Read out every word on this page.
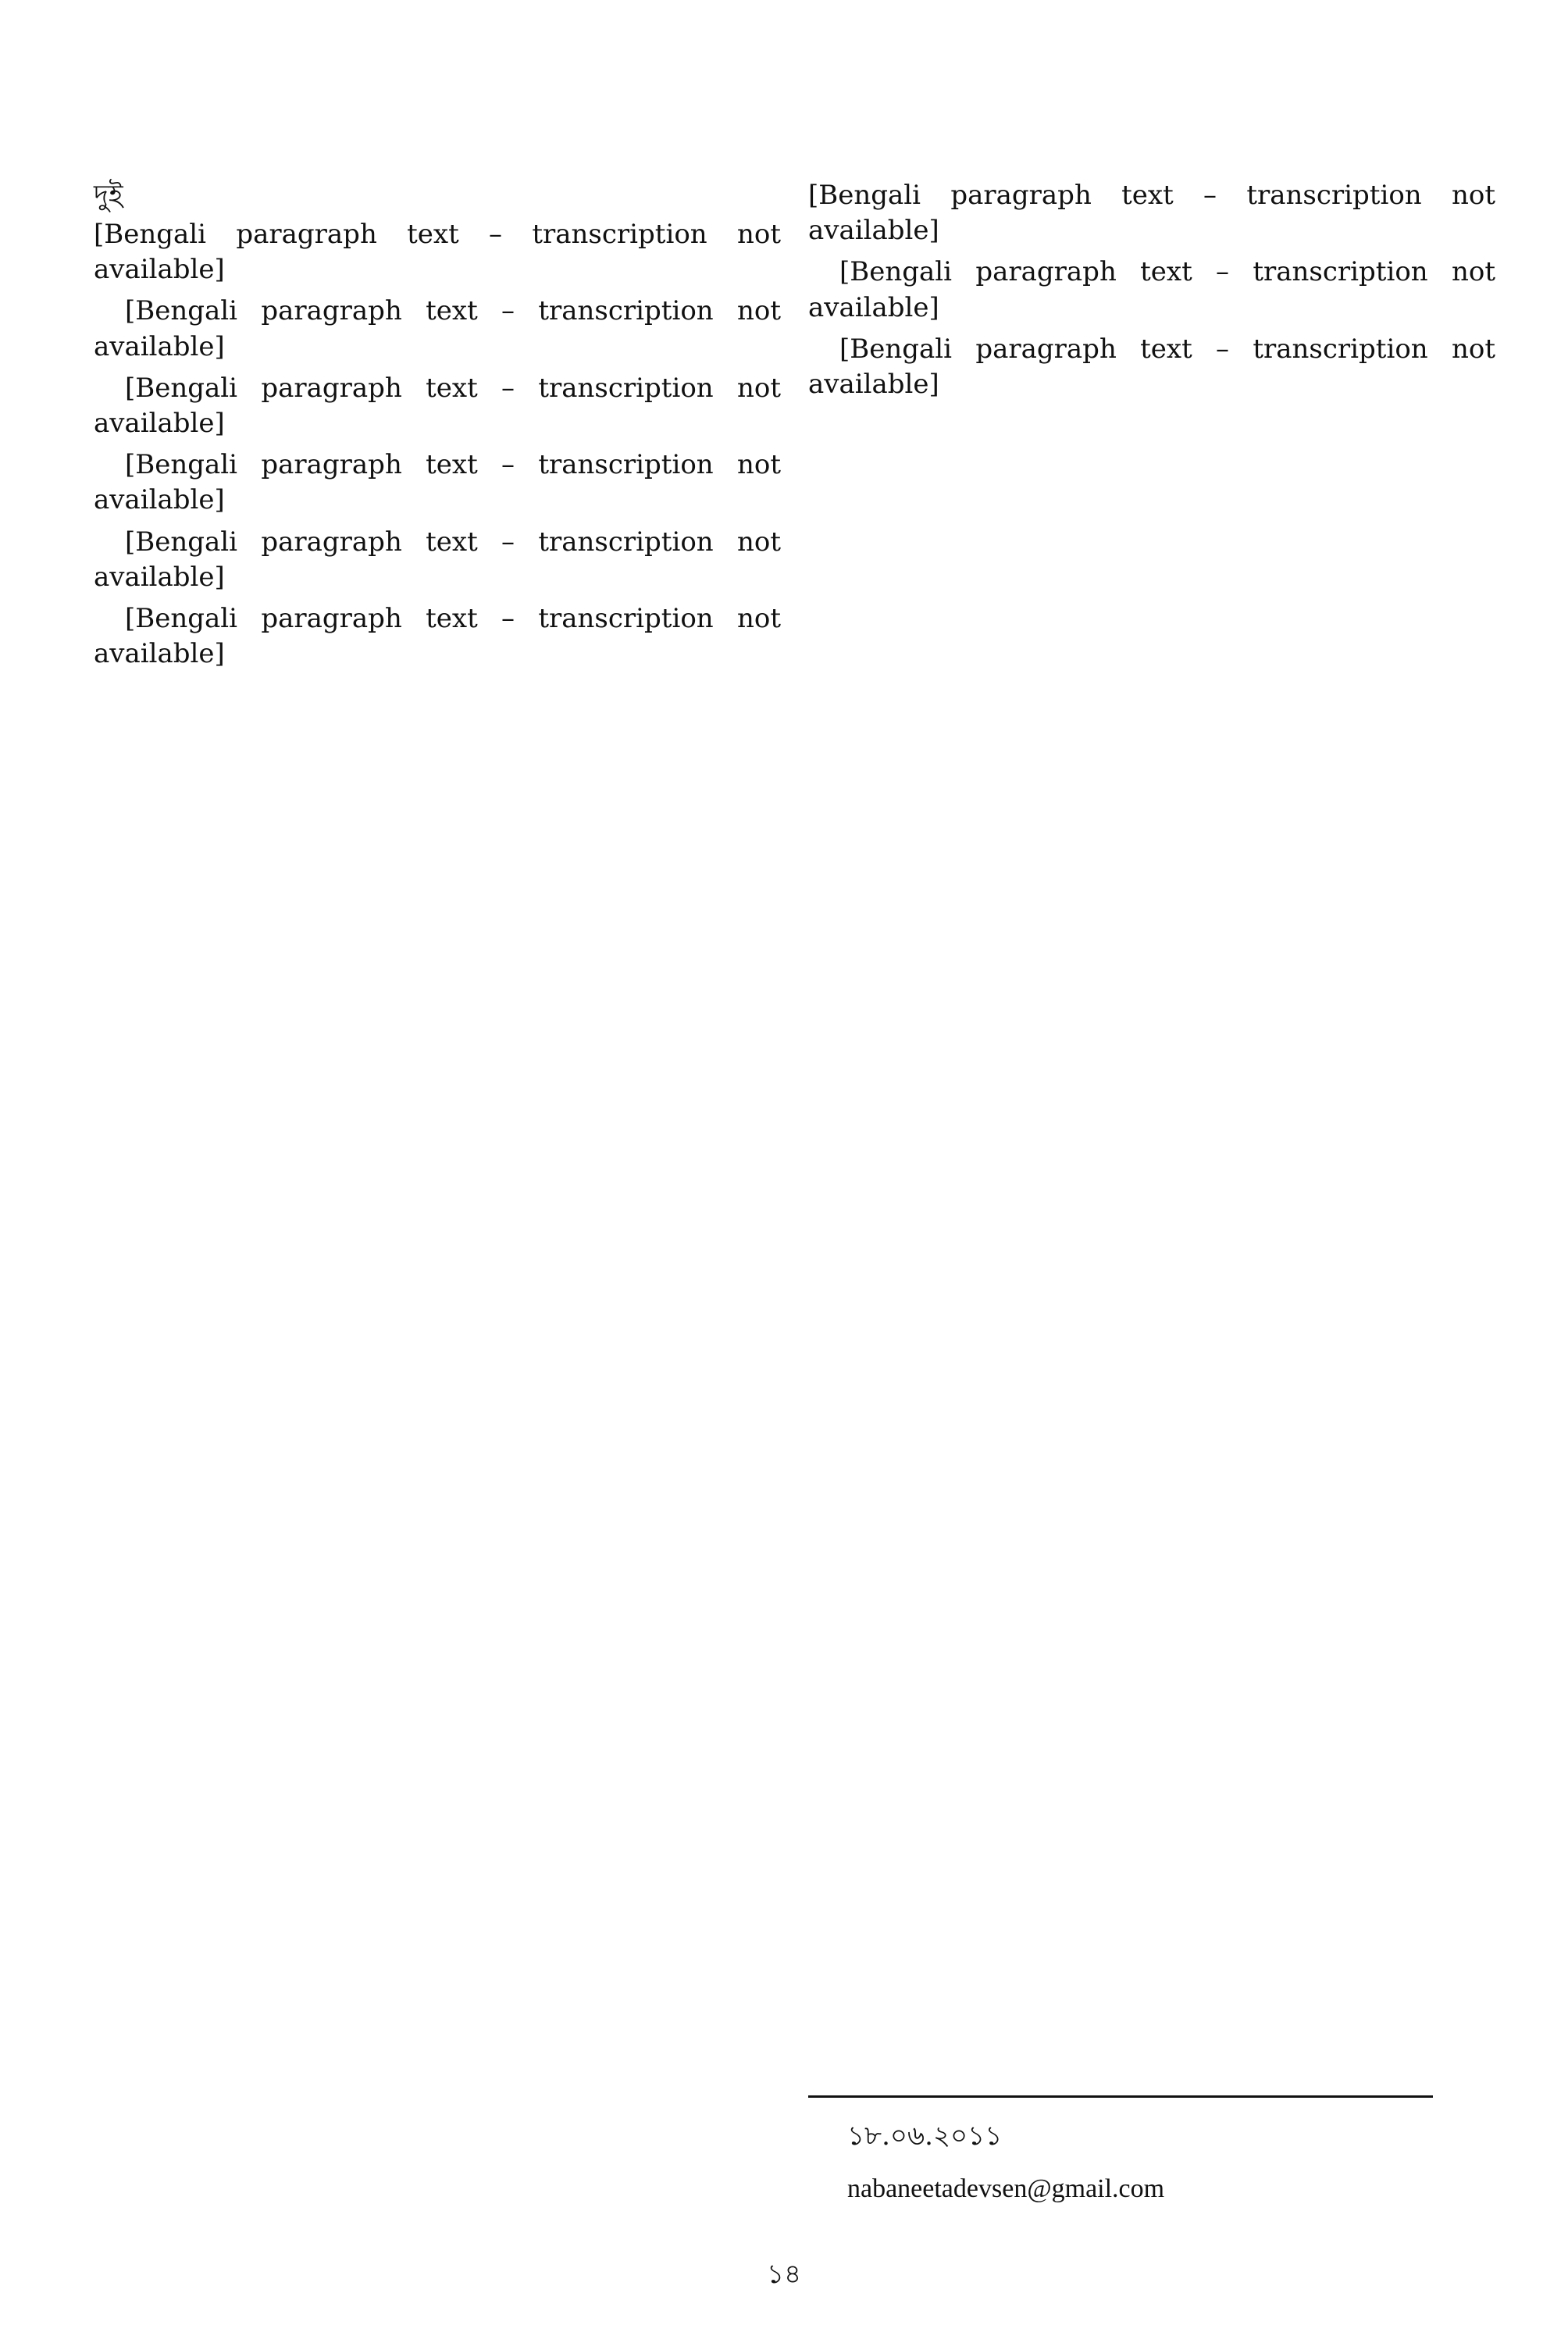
দুই

[Bengali paragraph text – transcription not available]

[Bengali paragraph text – transcription not available]

[Bengali paragraph text – transcription not available]

[Bengali paragraph text – transcription not available]

[Bengali paragraph text – transcription not available]

[Bengali paragraph text – transcription not available]

[Bengali paragraph text – transcription not available]

[Bengali paragraph text – transcription not available]

[Bengali paragraph text – transcription not available]

১৮.০৬.২০১১
nabaneetadevsen@gmail.com
১৪
